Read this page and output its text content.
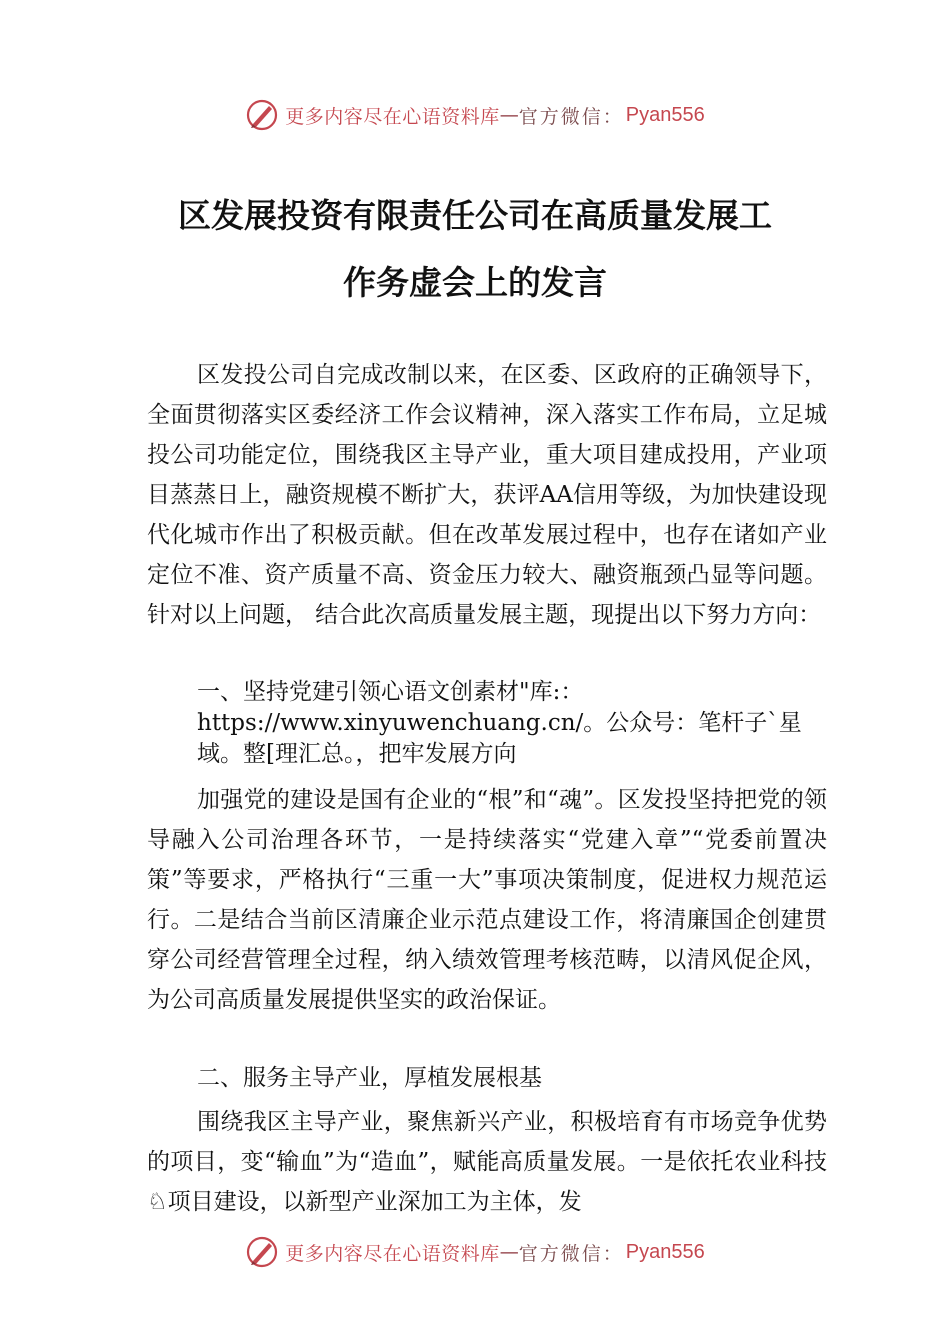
更多内容尽在心语资料库 — 官方微信： Pyan556
区发展投资有限责任公司在高质量发展工
作务虚会上的发言

区发投公司自完成改制以来，在区委、区政府的正确领导下，全面贯彻落实区委经济工作会议精神，深入落实工作布局，立足城投公司功能定位，围绕我区主导产业，重大项目建成投用，产业项目蒸蒸日上，融资规模不断扩大，获评AA信用等级，为加快建设现代化城市作出了积极贡献。但在改革发展过程中，也存在诸如产业定位不准、资产质量不高、资金压力较大、融资瓶颈凸显等问题。针对以上问题， 结合此次高质量发展主题，现提出以下努力方向：

一、坚持党建引领心语文创素材"库:：https://www.xinyuwenchuang.cn/。公众号：笔杆子`星域。整[理汇总。，把牢发展方向

加强党的建设是国有企业的“根”和“魂”。区发投坚持把党的领导融入公司治理各环节，一是持续落实“党建入章”“党委前置决策”等要求，严格执行“三重一大”事项决策制度，促进权力规范运行。二是结合当前区清廉企业示范点建设工作，将清廉国企创建贯穿公司经营管理全过程，纳入绩效管理考核范畴，以清风促企风，为公司高质量发展提供坚实的政治保证。

二、服务主导产业，厚植发展根基

围绕我区主导产业，聚焦新兴产业，积极培育有市场竞争优势的项目，变“输血”为“造血”，赋能高质量发展。一是依托农业科技♘项目建设，以新型产业深加工为主体，发

更多内容尽在心语资料库 — 官方微信： Pyan556
